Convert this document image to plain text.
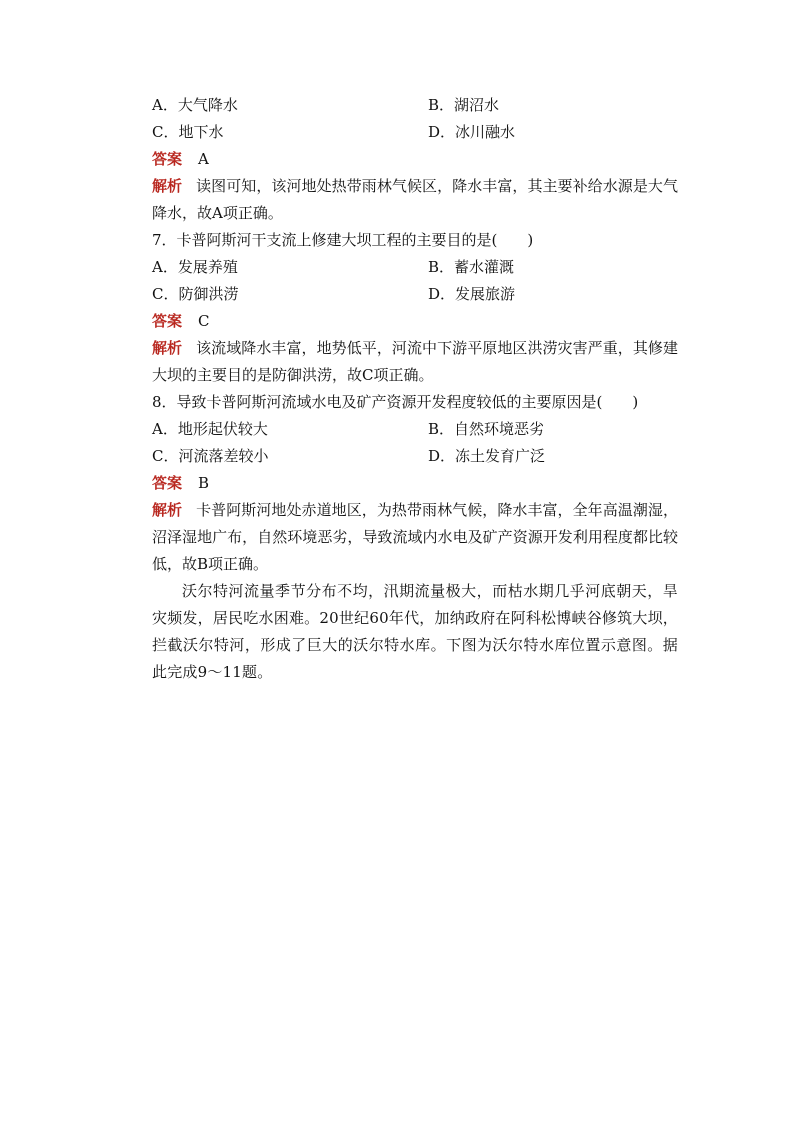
A．大气降水	B．湖沼水
C．地下水	D．冰川融水
答案 A
解析 读图可知，该河地处热带雨林气候区，降水丰富，其主要补给水源是大气降水，故A项正确。
7．卡普阿斯河干支流上修建大坝工程的主要目的是(　　)
A．发展养殖	B．蓄水灌溉
C．防御洪涝	D．发展旅游
答案 C
解析 该流域降水丰富，地势低平，河流中下游平原地区洪涝灾害严重，其修建大坝的主要目的是防御洪涝，故C项正确。
8．导致卡普阿斯河流域水电及矿产资源开发程度较低的主要原因是(　　)
A．地形起伏较大	B．自然环境恶劣
C．河流落差较小	D．冻土发育广泛
答案 B
解析 卡普阿斯河地处赤道地区，为热带雨林气候，降水丰富，全年高温潮湿，沼泽湿地广布，自然环境恶劣，导致流域内水电及矿产资源开发利用程度都比较低，故B项正确。
沃尔特河流量季节分布不均，汛期流量极大，而枯水期几乎河底朝天，旱灾频发，居民吃水困难。20世纪60年代，加纳政府在阿科松博峡谷修筑大坝，拦截沃尔特河，形成了巨大的沃尔特水库。下图为沃尔特水库位置示意图。据此完成9～11题。
